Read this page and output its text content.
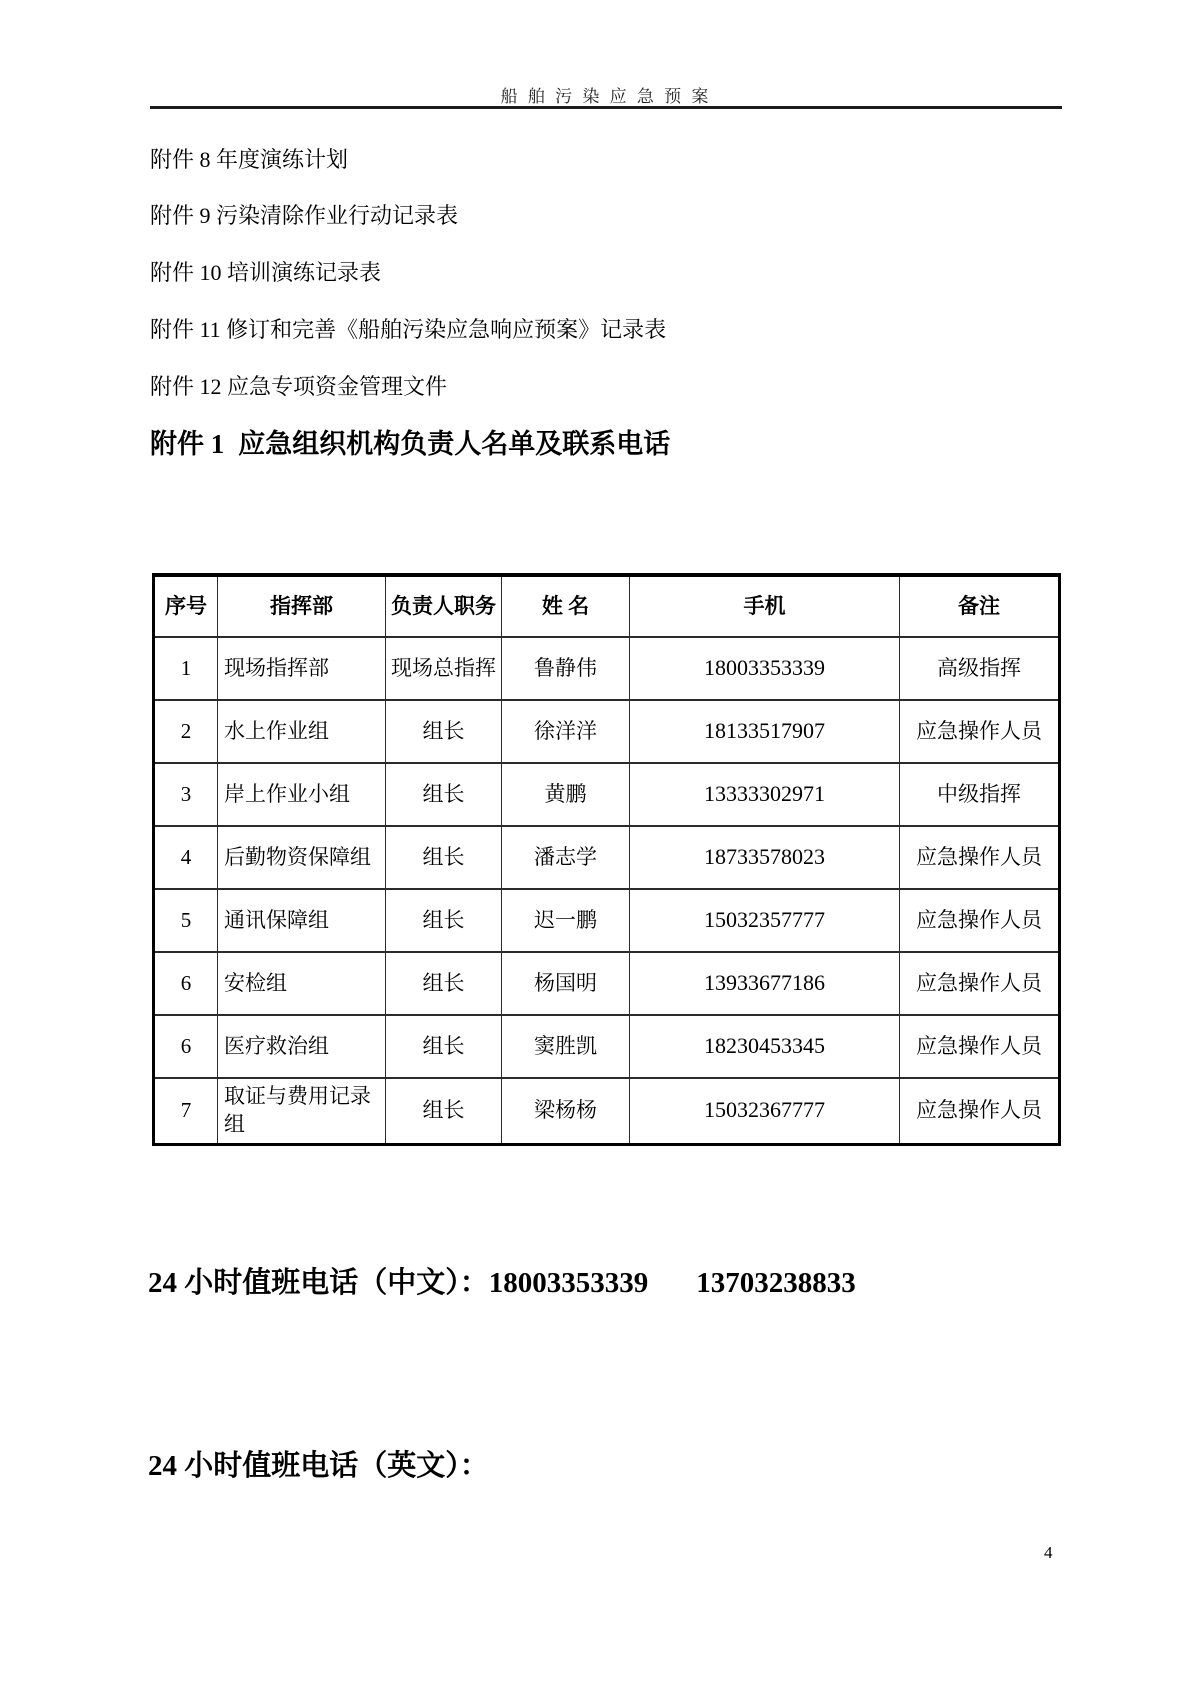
船 舶 污 染 应 急 预 案

附件 8 年度演练计划

附件 9 污染清除作业行动记录表

附件 10 培训演练记录表

附件 11 修订和完善《船舶污染应急响应预案》记录表

附件 12 应急专项资金管理文件

附件 1 应急组织机构负责人名单及联系电话
序号	指挥部	负责人职务	姓 名	手机	备注
1	现场指挥部	现场总指挥	鲁静伟	18003353339	高级指挥
2	水上作业组	组长	徐洋洋	18133517907	应急操作人员
3	岸上作业小组	组长	黄鹏	13333302971	中级指挥
4	后勤物资保障组	组长	潘志学	18733578023	应急操作人员
5	通讯保障组	组长	迟一鹏	15032357777	应急操作人员
6	安检组	组长	杨国明	13933677186	应急操作人员
6	医疗救治组	组长	窦胜凯	18230453345	应急操作人员
7	取证与费用记录组	组长	梁杨杨	15032367777	应急操作人员

24 小时值班电话（中文）：18003353339 13703238833

24 小时值班电话（英文）：

4
